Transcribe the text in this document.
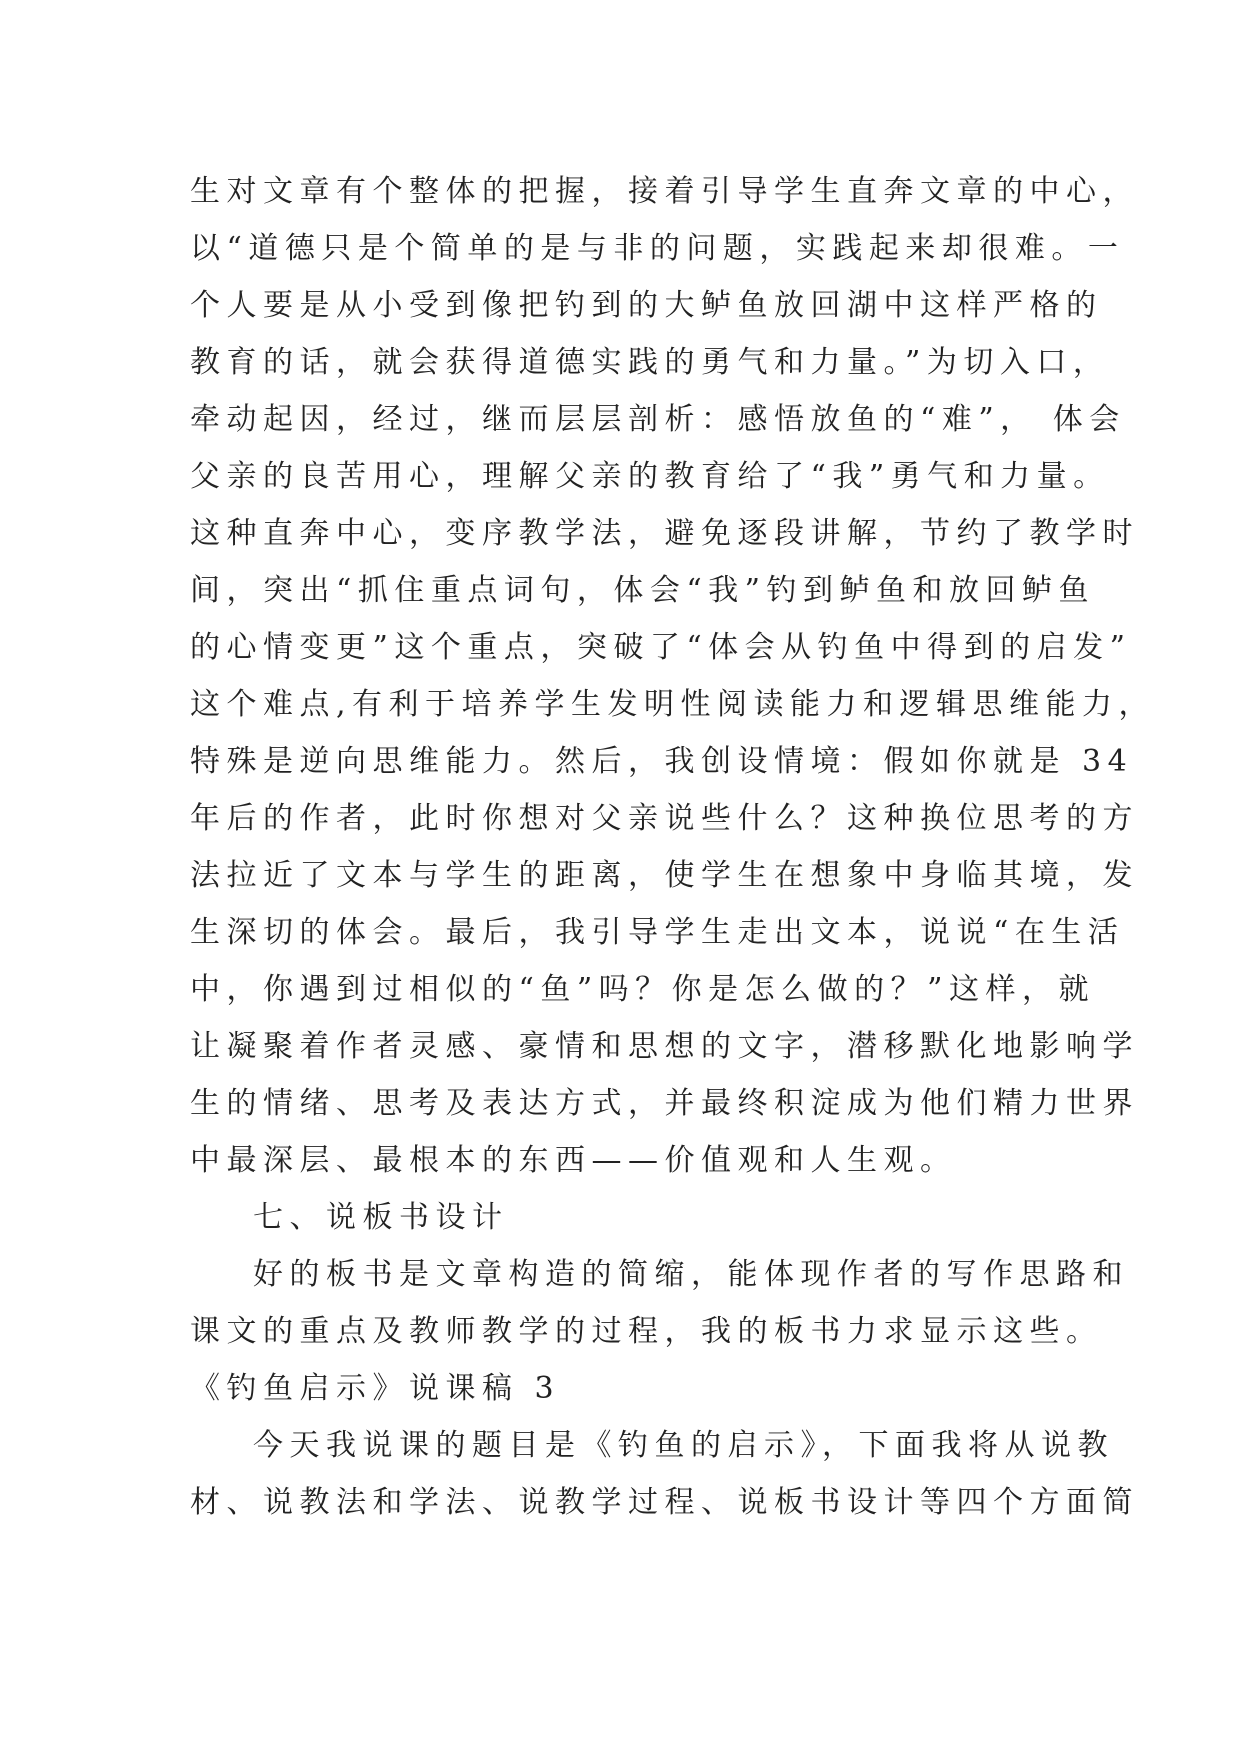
生对文章有个整体的把握，接着引导学生直奔文章的中心，
以“道德只是个简单的是与非的问题，实践起来却很难。一
个人要是从小受到像把钓到的大鲈鱼放回湖中这样严格的
教育的话，就会获得道德实践的勇气和力量。”为切入口，
牵动起因，经过，继而层层剖析：感悟放鱼的“难”， 体会
父亲的良苦用心，理解父亲的教育给了“我”勇气和力量。
这种直奔中心，变序教学法，避免逐段讲解，节约了教学时
间，突出“抓住重点词句，体会“我”钓到鲈鱼和放回鲈鱼
的心情变更”这个重点，突破了“体会从钓鱼中得到的启发”
这个难点,有利于培养学生发明性阅读能力和逻辑思维能力，
特殊是逆向思维能力。然后，我创设情境：假如你就是 34
年后的作者，此时你想对父亲说些什么？这种换位思考的方
法拉近了文本与学生的距离，使学生在想象中身临其境，发
生深切的体会。最后，我引导学生走出文本，说说“在生活
中，你遇到过相似的“鱼”吗？你是怎么做的？”这样，就
让凝聚着作者灵感、豪情和思想的文字，潜移默化地影响学
生的情绪、思考及表达方式，并最终积淀成为他们精力世界
中最深层、最根本的东西——价值观和人生观。
七、说板书设计
好的板书是文章构造的简缩，能体现作者的写作思路和
课文的重点及教师教学的过程，我的板书力求显示这些。
《钓鱼启示》说课稿 3
今天我说课的题目是《钓鱼的启示》，下面我将从说教
材、说教法和学法、说教学过程、说板书设计等四个方面简
